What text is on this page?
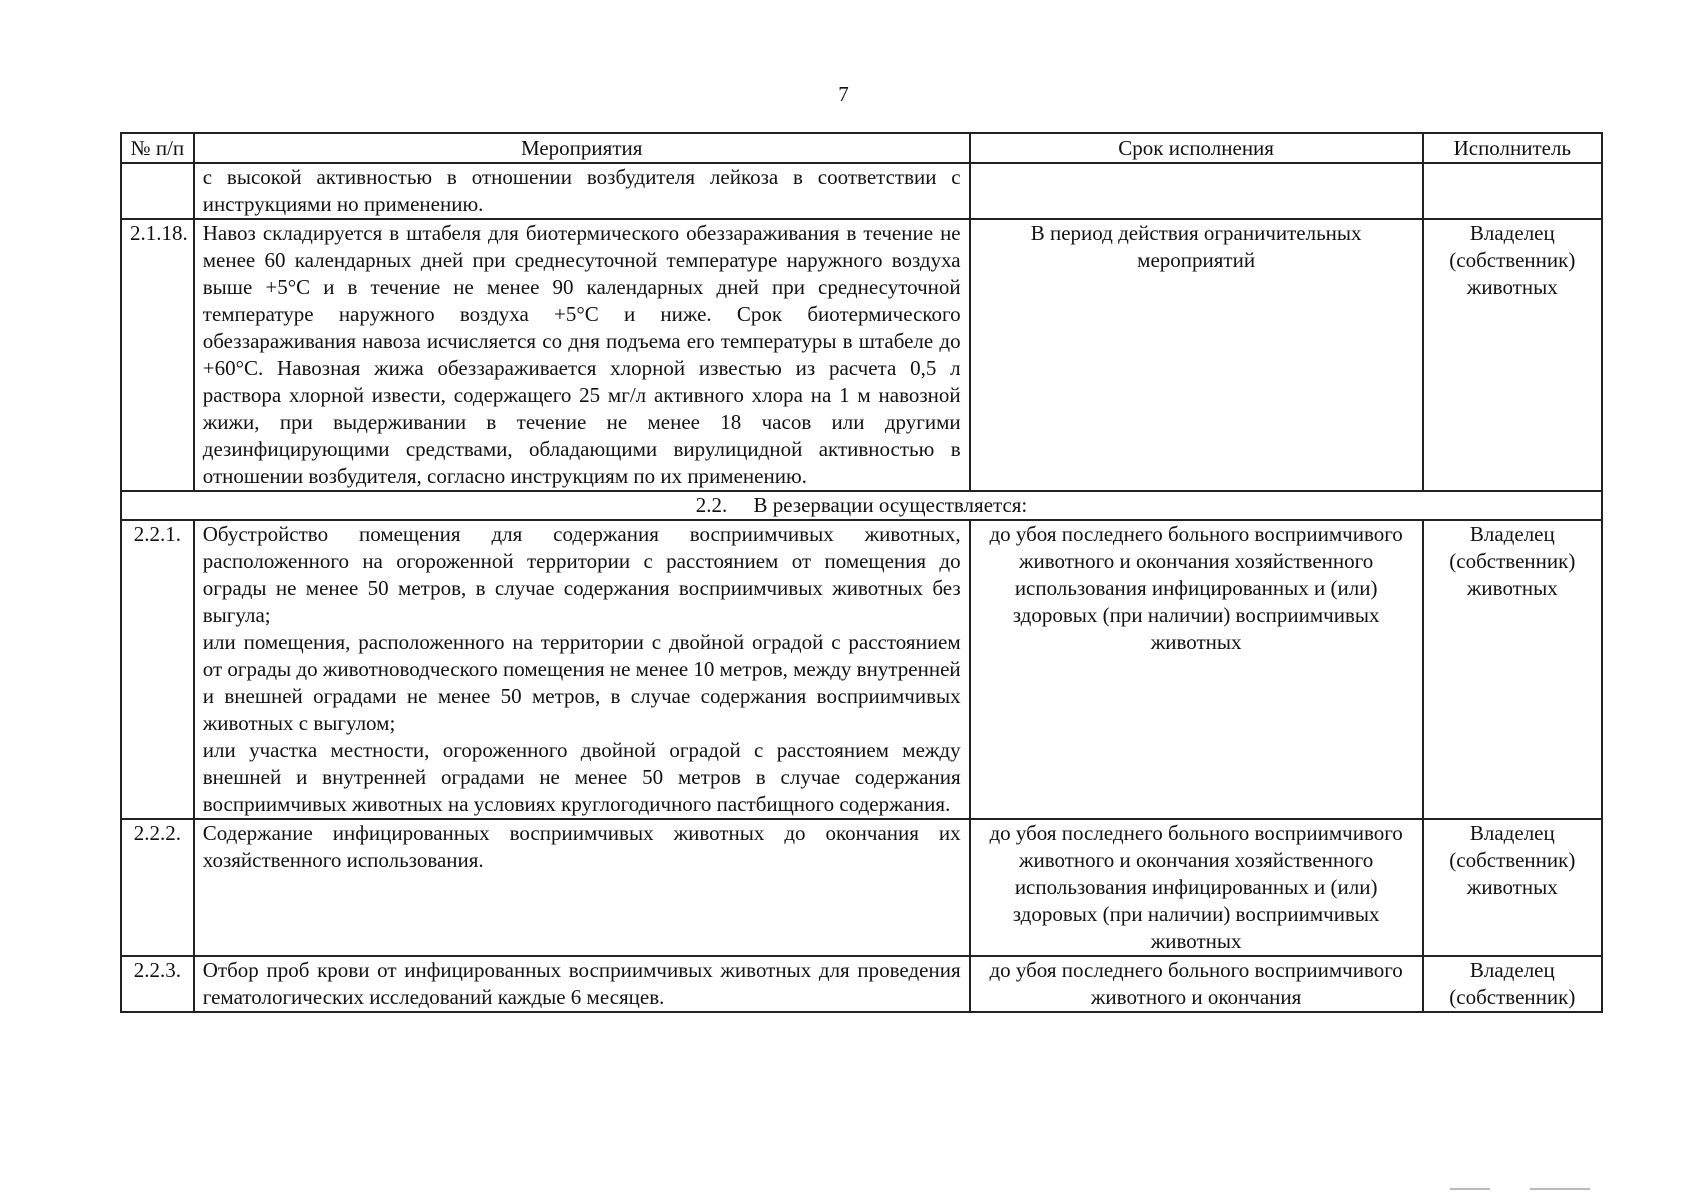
7
№ п/п	Мероприятия	Срок исполнения	Исполнитель
	с высокой активностью в отношении возбудителя лейкоза в соответствии с инструкциями но применению.		
2.1.18.	Навоз складируется в штабеля для биотермического обеззараживания в течение не менее 60 календарных дней при среднесуточной температуре наружного воздуха выше +5°С и в течение не менее 90 календарных дней при среднесуточной температуре наружного воздуха +5°С и ниже. Срок биотермического обеззараживания навоза исчисляется со дня подъема его температуры в штабеле до +60°С. Навозная жижа обеззараживается хлорной известью из расчета 0,5 л раствора хлорной извести, содержащего 25 мг/л активного хлора на 1 м навозной жижи, при выдерживании в течение не менее 18 часов или другими дезинфицирующими средствами, обладающими вирулицидной активностью в отношении возбудителя, согласно инструкциям по их применению.	В период действия ограничительных мероприятий	Владелец (собственник) животных
2.2.     В резервации осуществляется:			
2.2.1.	Обустройство помещения для содержания восприимчивых животных, расположенного на огороженной территории с расстоянием от помещения до ограды не менее 50 метров, в случае содержания восприимчивых животных без выгула;
или помещения, расположенного на территории с двойной оградой с расстоянием от ограды до животноводческого помещения не менее 10 метров, между внутренней и внешней оградами не менее 50 метров, в случае содержания восприимчивых животных с выгулом;
или участка местности, огороженного двойной оградой с расстоянием между внешней и внутренней оградами не менее 50 метров в случае содержания восприимчивых животных на условиях круглогодичного пастбищного содержания.	до убоя последнего больного восприимчивого животного и окончания хозяйственного использования инфицированных и (или) здоровых (при наличии) восприимчивых животных	Владелец (собственник) животных
2.2.2.	Содержание инфицированных восприимчивых животных до окончания их хозяйственного использования.	до убоя последнего больного восприимчивого животного и окончания хозяйственного использования инфицированных и (или) здоровых (при наличии) восприимчивых животных	Владелец (собственник) животных
2.2.3.	Отбор проб крови от инфицированных восприимчивых животных для проведения гематологических исследований каждые 6 месяцев.	до убоя последнего больного восприимчивого животного и окончания	Владелец (собственник)
